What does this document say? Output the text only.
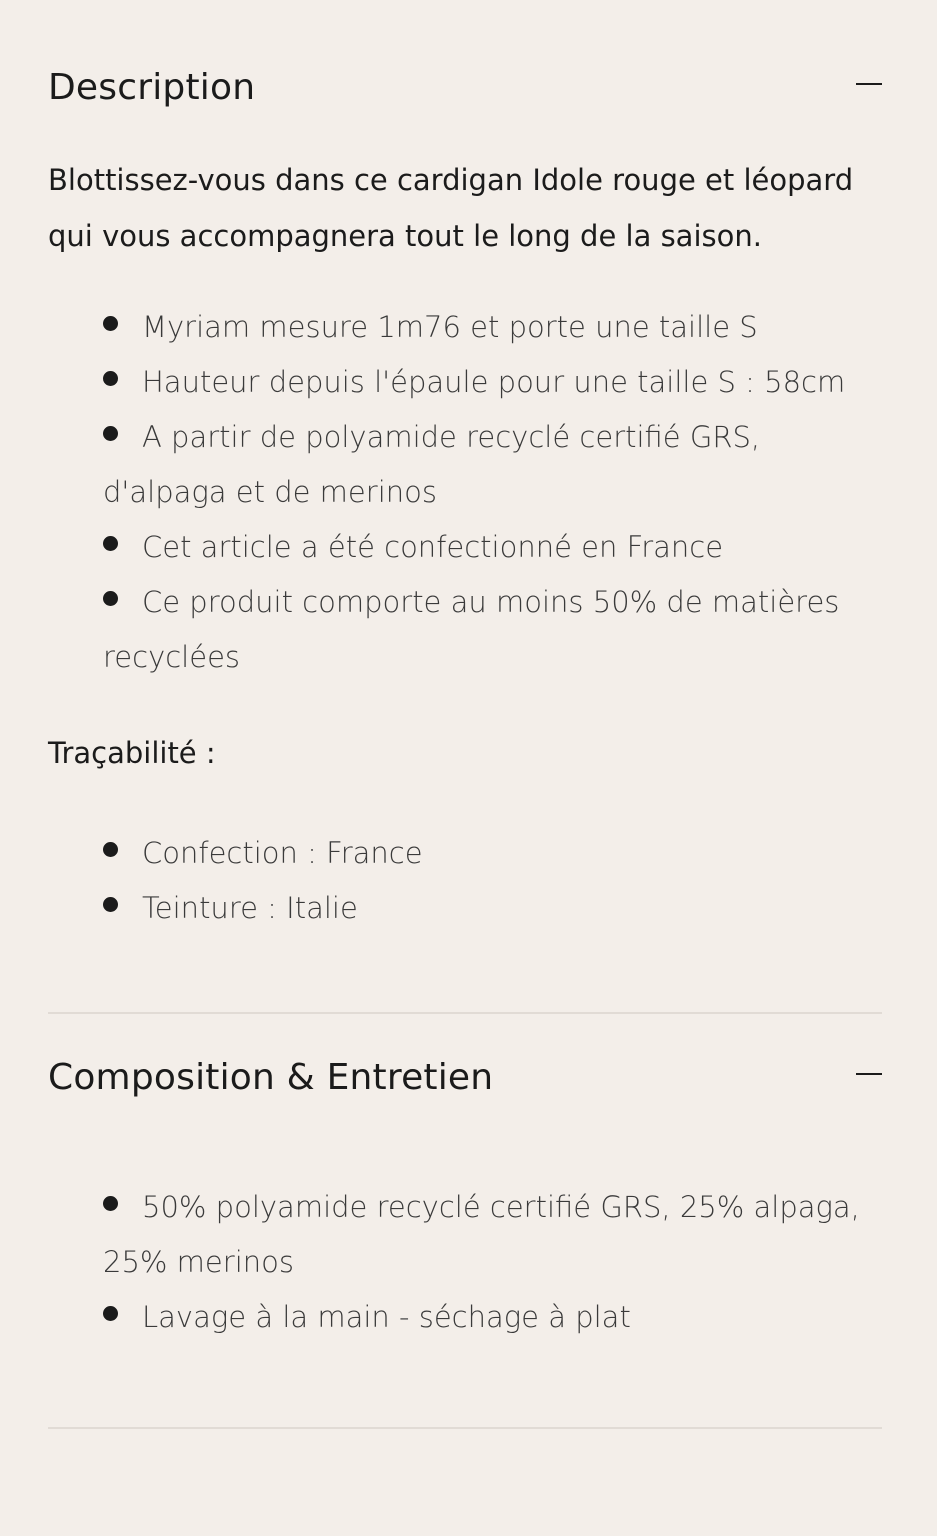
Description

Blottissez-vous dans ce cardigan Idole rouge et léopard qui vous accompagnera tout le long de la saison.

Myriam mesure 1m76 et porte une taille S
Hauteur depuis l'épaule pour une taille S : 58cm
A partir de polyamide recyclé certifié GRS, d'alpaga et de merinos
Cet article a été confectionné en France
Ce produit comporte au moins 50% de matières recyclées

Traçabilité :

Confection : France
Teinture : Italie
Composition & Entretien
50% polyamide recyclé certifié GRS, 25% alpaga, 25% merinos
Lavage à la main - séchage à plat
